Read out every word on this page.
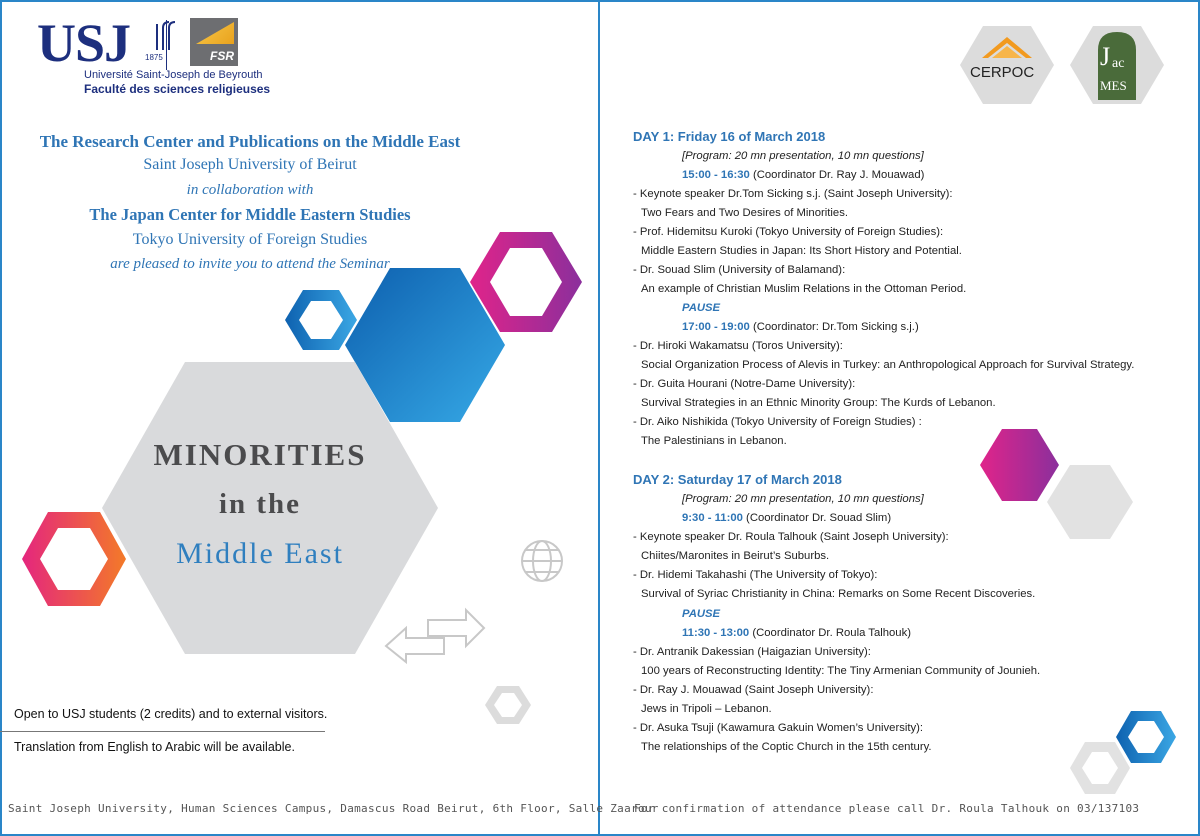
USJ 1875	FSR
Université Saint-Joseph de Beyrouth
Faculté des sciences religieuses
The Research Center and Publications on the Middle East
Saint Joseph University of Beirut
in collaboration with
The Japan Center for Middle Eastern Studies
Tokyo University of Foreign Studies
are pleased to invite you to attend the Seminar
MINORITIES
in the
Middle East
Open to USJ students (2 credits) and to external visitors.
Translation from English to Arabic will be available.
Saint Joseph University, Human Sciences Campus, Damascus Road Beirut, 6th Floor, Salle Zaarour
For confirmation of attendance please call Dr. Roula Talhouk on 03/137103
CERPOC
J ac
MES
DAY 1: Friday 16 of March 2018
[Program: 20 mn presentation, 10 mn questions]
15:00 - 16:30 (Coordinator Dr. Ray J. Mouawad)
- Keynote speaker Dr.Tom Sicking s.j. (Saint Joseph University):
Two Fears and Two Desires of Minorities.
- Prof. Hidemitsu Kuroki (Tokyo University of Foreign Studies):
Middle Eastern Studies in Japan: Its Short History and Potential.
- Dr. Souad Slim (University of Balamand):
An example of Christian Muslim Relations in the Ottoman Period.
PAUSE
17:00 - 19:00 (Coordinator: Dr.Tom Sicking s.j.)
- Dr. Hiroki Wakamatsu (Toros University):
Social Organization Process of Alevis in Turkey: an Anthropological Approach for Survival Strategy.
- Dr. Guita Hourani (Notre-Dame University):
Survival Strategies in an Ethnic Minority Group: The Kurds of Lebanon.
- Dr. Aiko Nishikida (Tokyo University of Foreign Studies) :
The Palestinians in Lebanon.
DAY 2: Saturday 17 of March 2018
[Program: 20 mn presentation, 10 mn questions]
9:30 - 11:00 (Coordinator Dr. Souad Slim)
- Keynote speaker Dr. Roula Talhouk (Saint Joseph University):
Chiites/Maronites in Beirut’s Suburbs.
- Dr. Hidemi Takahashi (The University of Tokyo):
Survival of Syriac Christianity in China: Remarks on Some Recent Discoveries.
PAUSE
11:30 - 13:00 (Coordinator Dr. Roula Talhouk)
- Dr. Antranik Dakessian (Haigazian University):
100 years of Reconstructing Identity: The Tiny Armenian Community of Jounieh.
- Dr. Ray J. Mouawad (Saint Joseph University):
Jews in Tripoli – Lebanon.
- Dr. Asuka Tsuji (Kawamura Gakuin Women’s University):
The relationships of the Coptic Church in the 15th century.
